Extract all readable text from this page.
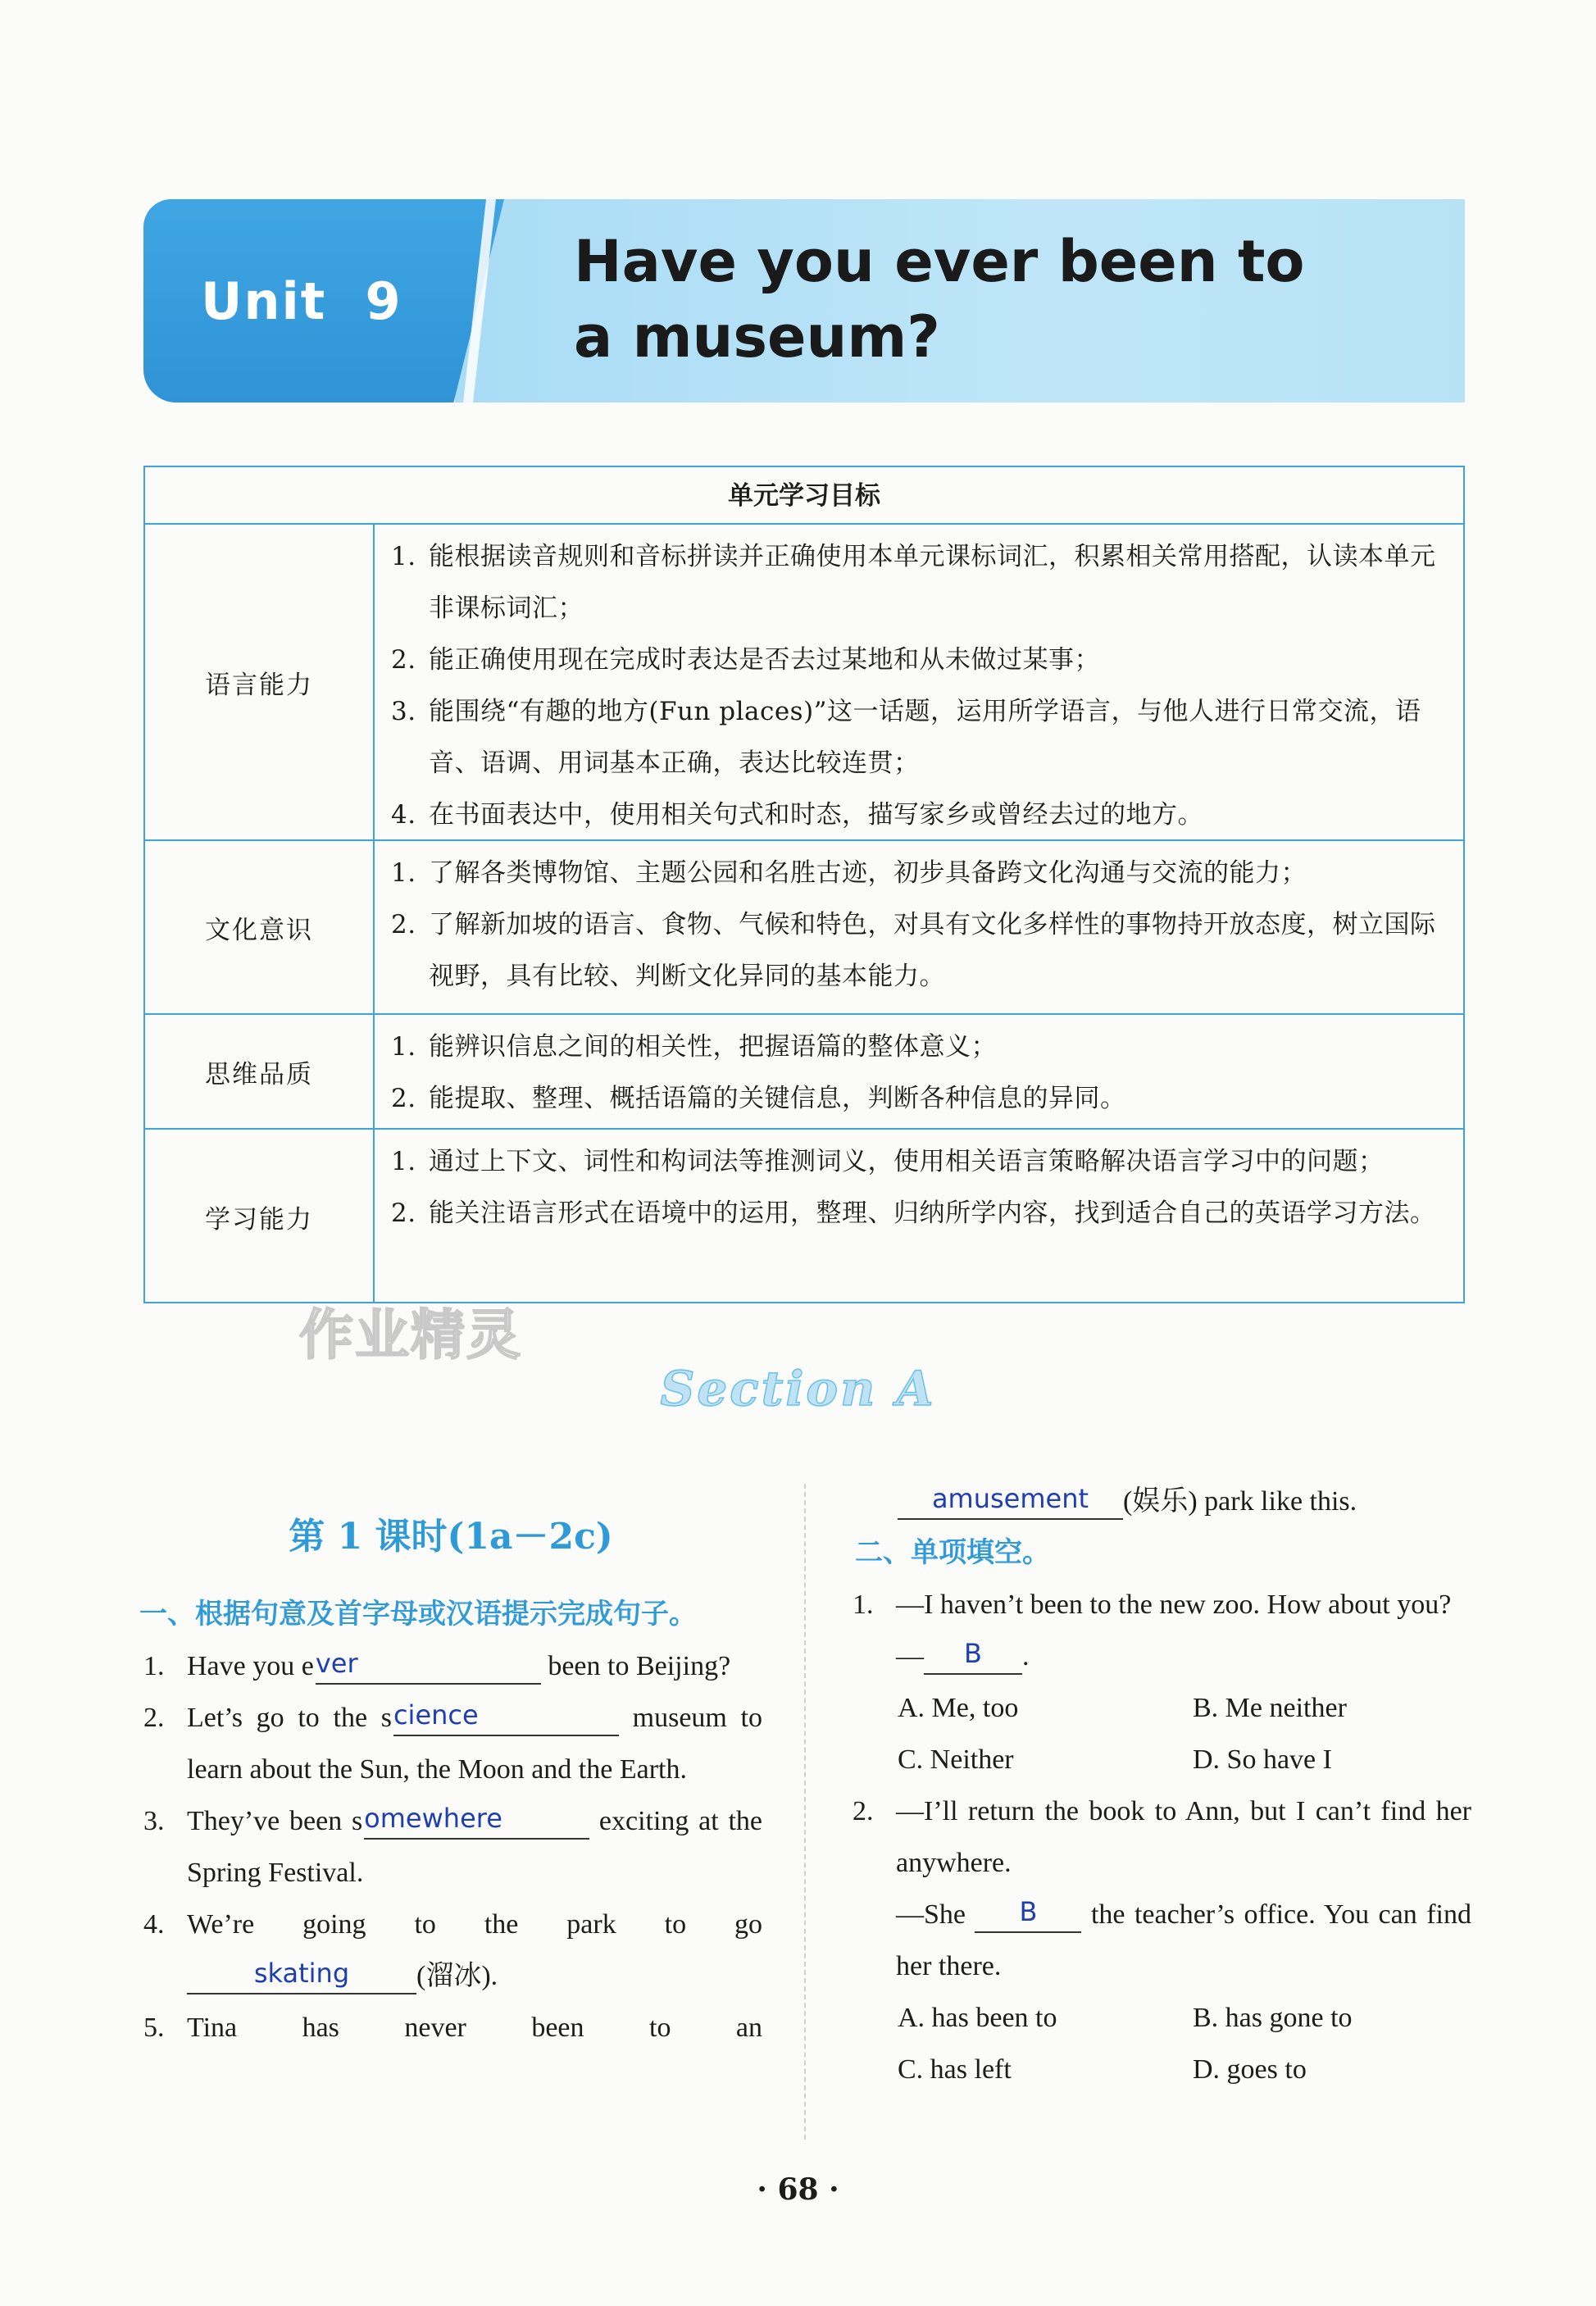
Unit  9
Have you ever been to
a museum?
单元学习目标
语言能力
1. 能根据读音规则和音标拼读并正确使用本单元课标词汇，积累相关常用搭配，认读本单元非课标词汇；
2. 能正确使用现在完成时表达是否去过某地和从未做过某事；
3. 能围绕“有趣的地方(Fun places)”这一话题，运用所学语言，与他人进行日常交流，语音、语调、用词基本正确，表达比较连贯；
4. 在书面表达中，使用相关句式和时态，描写家乡或曾经去过的地方。
文化意识
1. 了解各类博物馆、主题公园和名胜古迹，初步具备跨文化沟通与交流的能力；
2. 了解新加坡的语言、食物、气候和特色，对具有文化多样性的事物持开放态度，树立国际视野，具有比较、判断文化异同的基本能力。
思维品质
1. 能辨识信息之间的相关性，把握语篇的整体意义；
2. 能提取、整理、概括语篇的关键信息，判断各种信息的异同。
学习能力
1. 通过上下文、词性和构词法等推测词义，使用相关语言策略解决语言学习中的问题；
2. 能关注语言形式在语境中的运用，整理、归纳所学内容，找到适合自己的英语学习方法。
作业精灵
Section A
第 1 课时(1a－2c)
一、根据句意及首字母或汉语提示完成句子。
1. Have you ever	been to Beijing?
2. Let’s go to the science	museum to learn about the Sun, the Moon and the Earth.
3. They’ve been somewhere	exciting at the Spring Festival.
4. We’re going to the park to go
skating (溜冰).
5. Tina has never been to an
amusement (娱乐) park like this.
二、单项填空。
1. —I haven’t been to the new zoo. How about you?
— B .
A. Me, too	B. Me neither
C. Neither	D. So have I
2. —I’ll return the book to Ann, but I can’t find her anywhere.
—She B the teacher’s office. You can find her there.
A. has been to	B. has gone to
C. has left	D. goes to
· 68 ·
